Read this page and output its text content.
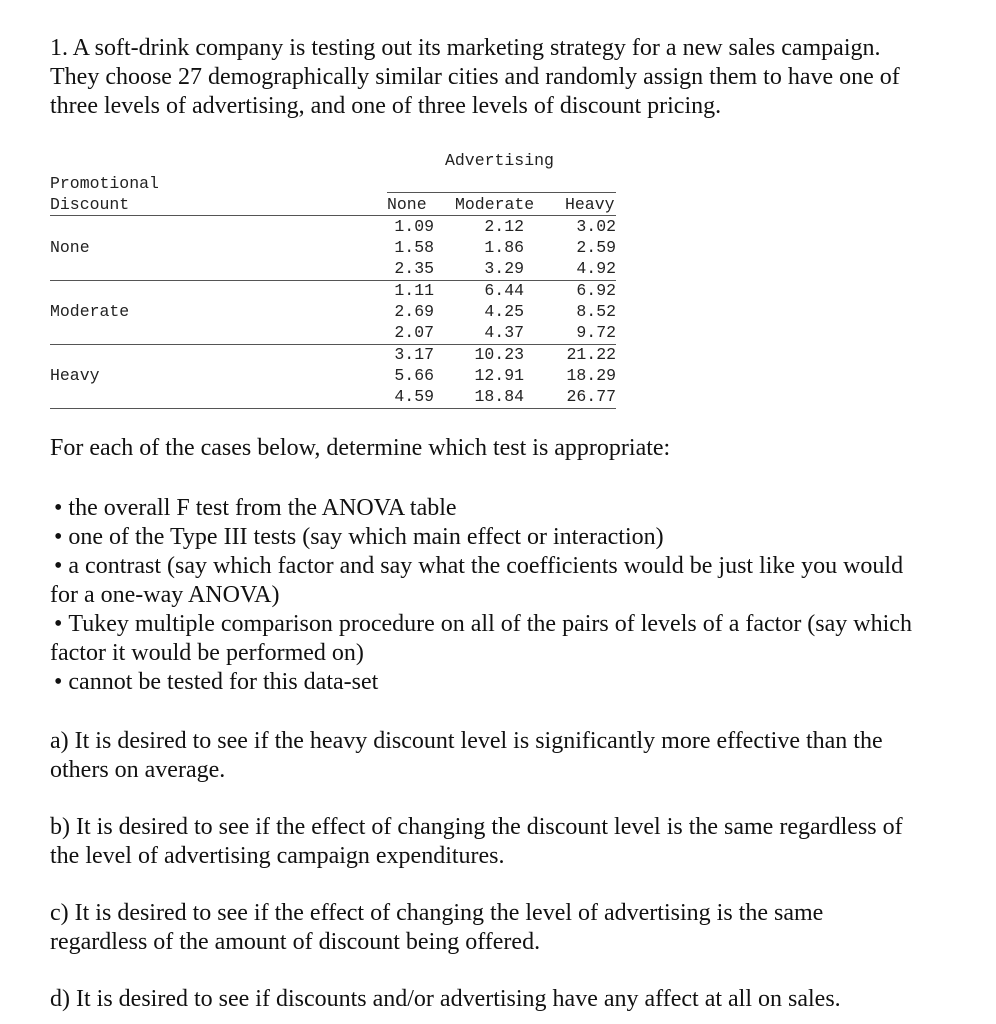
1. A soft-drink company is testing out its marketing strategy for a new sales campaign.

They choose 27 demographically similar cities and randomly assign them to have one of

three levels of advertising, and one of three levels of discount pricing.

Advertising
Promotional
Discount	None Moderate Heavy
None
1.09	2.12	3.02
1.58	1.86	2.59
2.35	3.29	4.92
Moderate
1.11	6.44	6.92
2.69	4.25	8.52
2.07	4.37	9.72
Heavy
3.17 10.23	21.22
5.66 12.91	18.29
4.59 18.84	26.77

For each of the cases below, determine which test is appropriate:

• the overall F test from the ANOVA table

• one of the Type III tests (say which main effect or interaction)

• a contrast (say which factor and say what the coefficients would be just like you would

for a one-way ANOVA)

• Tukey multiple comparison procedure on all of the pairs of levels of a factor (say which

factor it would be performed on)

• cannot be tested for this data-set

a) It is desired to see if the heavy discount level is significantly more effective than the
others on average.
b) It is desired to see if the effect of changing the discount level is the same regardless of
the level of advertising campaign expenditures.
c) It is desired to see if the effect of changing the level of advertising is the same
regardless of the amount of discount being offered.
d) It is desired to see if discounts and/or advertising have any affect at all on sales.
